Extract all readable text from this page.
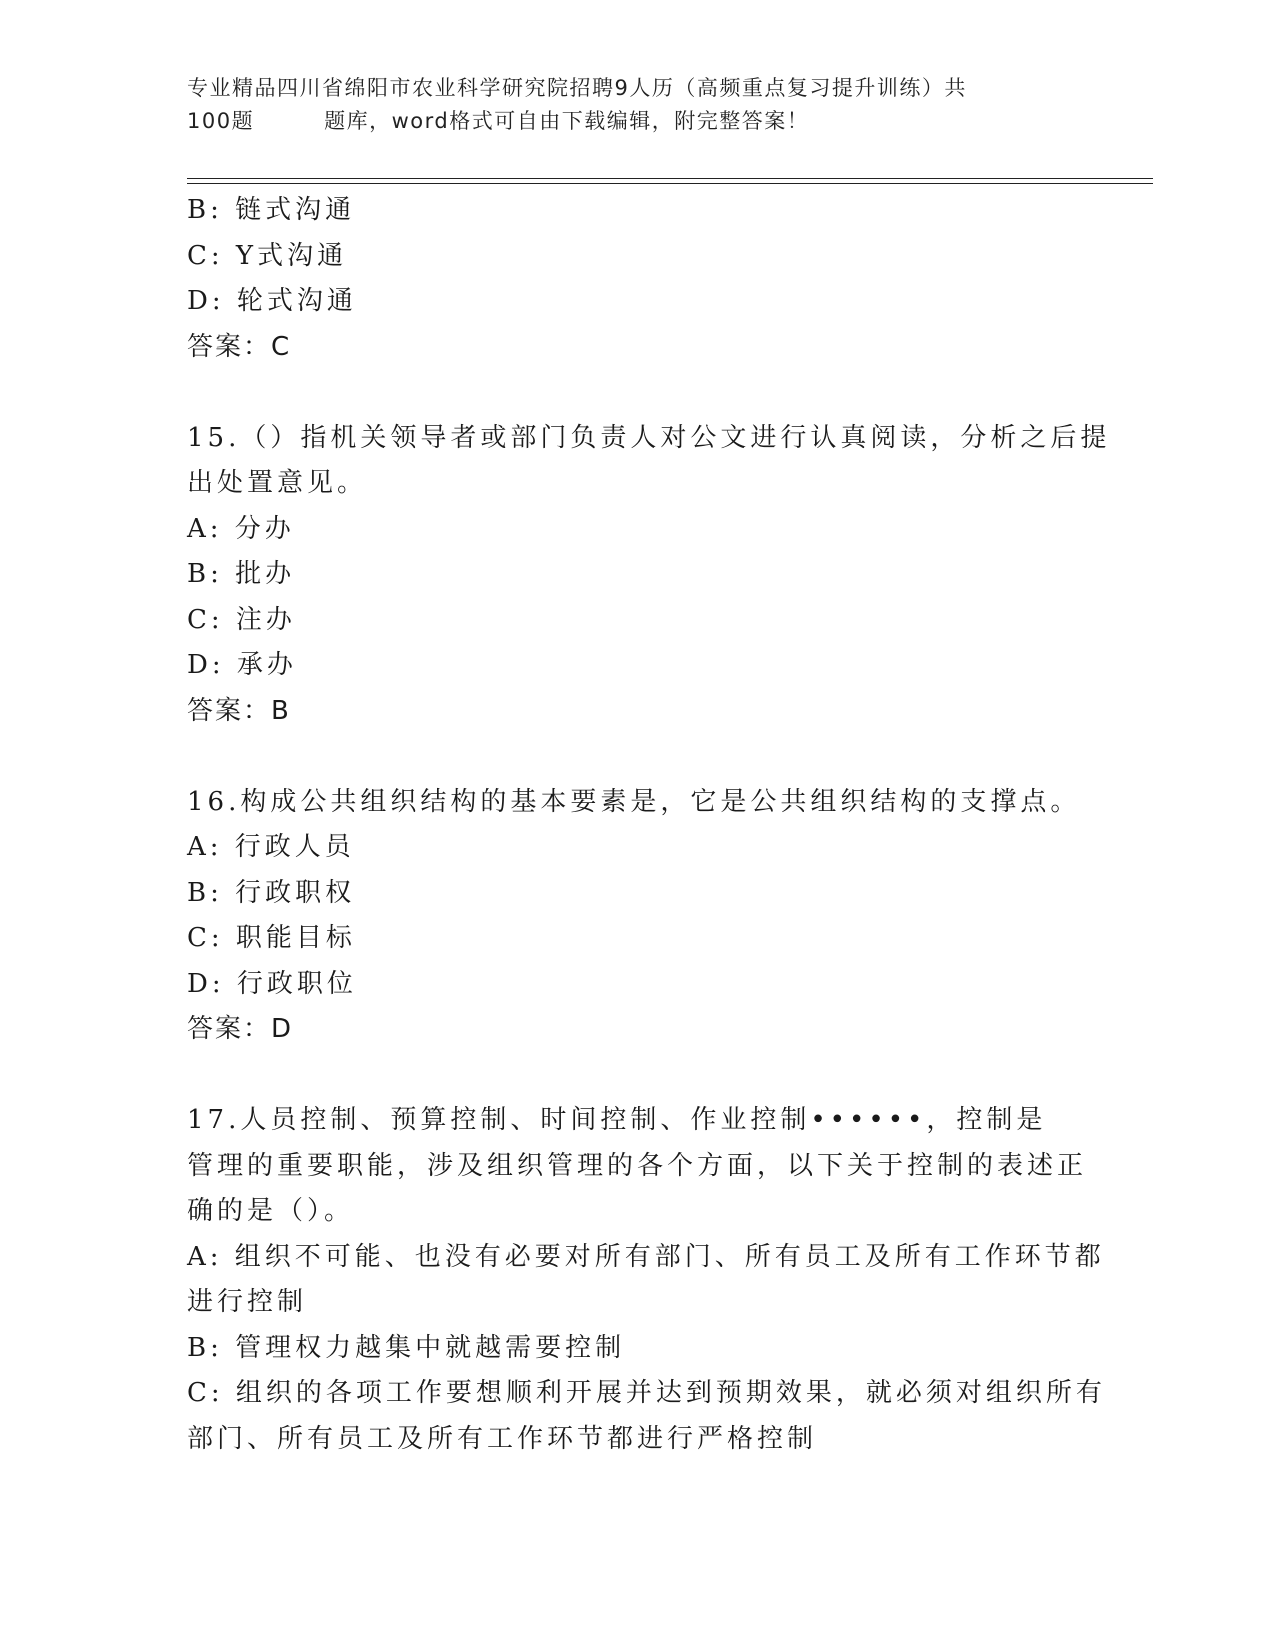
专业精品四川省绵阳市农业科学研究院招聘9人历（高频重点复习提升训练）共
100题	题库，word格式可自由下载编辑，附完整答案！
B: 链式沟通
C: Y式沟通
D: 轮式沟通
答案：C
15.（）指机关领导者或部门负责人对公文进行认真阅读，分析之后提
出处置意见。
A: 分办
B: 批办
C: 注办
D: 承办
答案：B
16.构成公共组织结构的基本要素是，它是公共组织结构的支撑点。
A: 行政人员
B: 行政职权
C: 职能目标
D: 行政职位
答案：D
17.人员控制、预算控制、时间控制、作业控制••••••，控制是
管理的重要职能，涉及组织管理的各个方面，以下关于控制的表述正
确的是（）。
A: 组织不可能、也没有必要对所有部门、所有员工及所有工作环节都
进行控制
B: 管理权力越集中就越需要控制
C: 组织的各项工作要想顺利开展并达到预期效果，就必须对组织所有
部门、所有员工及所有工作环节都进行严格控制
